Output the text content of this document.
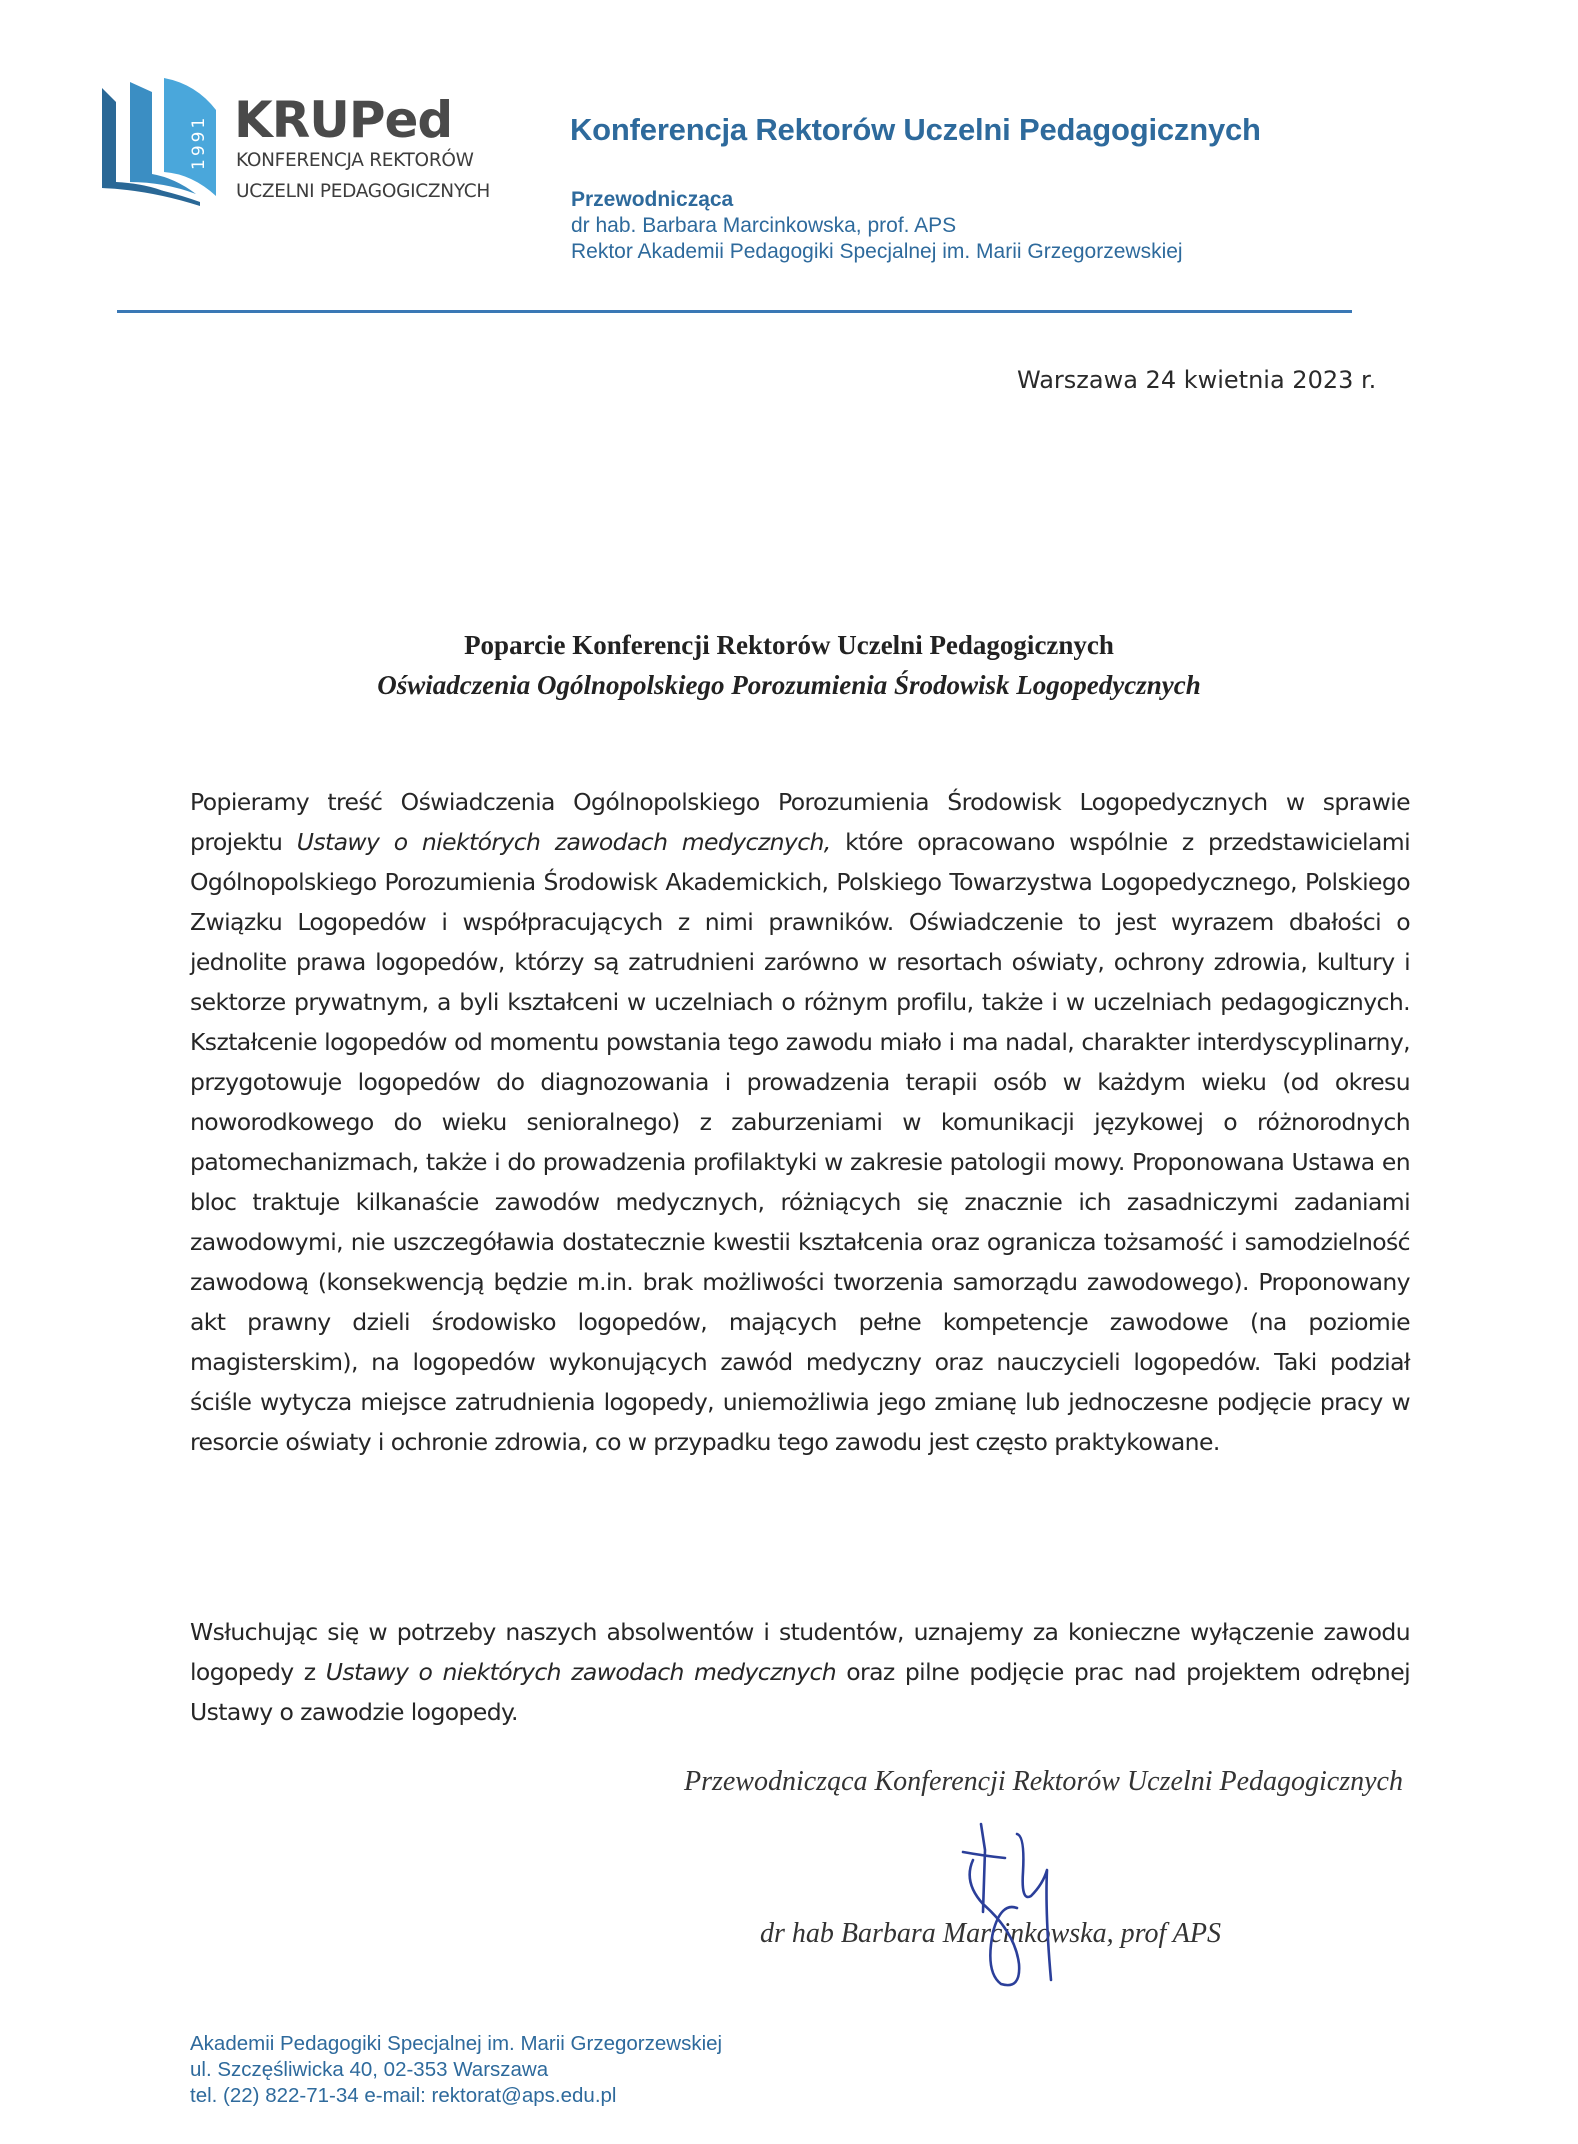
1991 KRUPed
KONFERENCJA REKTORÓW
UCZELNI PEDAGOGICZNYCH
Konferencja Rektorów Uczelni Pedagogicznych
Przewodnicząca
dr hab. Barbara Marcinkowska, prof. APS
Rektor Akademii Pedagogiki Specjalnej im. Marii Grzegorzewskiej
Warszawa 24 kwietnia 2023 r.
Poparcie Konferencji Rektorów Uczelni Pedagogicznych
Oświadczenia Ogólnopolskiego Porozumienia Środowisk Logopedycznych
Popieramy treść Oświadczenia Ogólnopolskiego Porozumienia Środowisk Logopedycznych w sprawie projektu Ustawy o niektórych zawodach medycznych, które opracowano wspólnie z przedstawicielami Ogólnopolskiego Porozumienia Środowisk Akademickich, Polskiego Towarzystwa Logopedycznego, Polskiego Związku Logopedów i współpracujących z nimi prawników. Oświadczenie to jest wyrazem dbałości o jednolite prawa logopedów, którzy są zatrudnieni zarówno w resortach oświaty, ochrony zdrowia, kultury i sektorze prywatnym, a byli kształceni w uczelniach o różnym profilu, także i w uczelniach pedagogicznych. Kształcenie logopedów od momentu powstania tego zawodu miało i ma nadal, charakter interdyscyplinarny, przygotowuje logopedów do diagnozowania i prowadzenia terapii osób w każdym wieku (od okresu noworodkowego do wieku senioralnego) z zaburzeniami w komunikacji językowej o różnorodnych patomechanizmach, także i do prowadzenia profilaktyki w zakresie patologii mowy. Proponowana Ustawa en bloc traktuje kilkanaście zawodów medycznych, różniących się znacznie ich zasadniczymi zadaniami zawodowymi, nie uszczegóławia dostatecznie kwestii kształcenia oraz ogranicza tożsamość i samodzielność zawodową (konsekwencją będzie m.in. brak możliwości tworzenia samorządu zawodowego). Proponowany akt prawny dzieli środowisko logopedów, mających pełne kompetencje zawodowe (na poziomie magisterskim), na logopedów wykonujących zawód medyczny oraz nauczycieli logopedów. Taki podział ściśle wytycza miejsce zatrudnienia logopedy, uniemożliwia jego zmianę lub jednoczesne podjęcie pracy w resorcie oświaty i ochronie zdrowia, co w przypadku tego zawodu jest często praktykowane.
Wsłuchując się w potrzeby naszych absolwentów i studentów, uznajemy za konieczne wyłączenie zawodu logopedy z Ustawy o niektórych zawodach medycznych oraz pilne podjęcie prac nad projektem odrębnej Ustawy o zawodzie logopedy.
Przewodnicząca Konferencji Rektorów Uczelni Pedagogicznych
dr hab Barbara Marcinkowska, prof APS
Akademii Pedagogiki Specjalnej im. Marii Grzegorzewskiej
ul. Szczęśliwicka 40, 02-353 Warszawa
tel. (22) 822-71-34 e-mail: rektorat@aps.edu.pl
